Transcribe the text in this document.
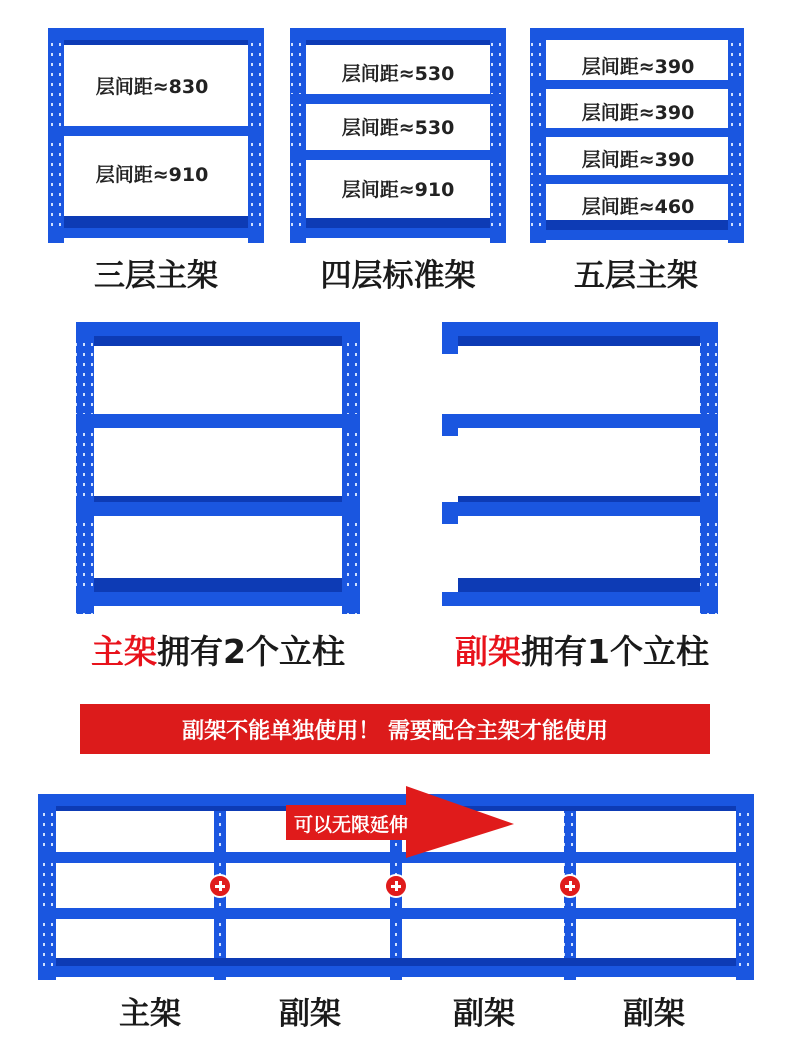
层间距≈830
层间距≈910
层间距≈530
层间距≈530
层间距≈910
层间距≈390
层间距≈390
层间距≈390
层间距≈460
三层主架	四层标准架	五层主架
主架拥有2个立柱	副架拥有1个立柱
副架不能单独使用！ 需要配合主架才能使用
可以无限延伸
主架	副架	副架	副架
